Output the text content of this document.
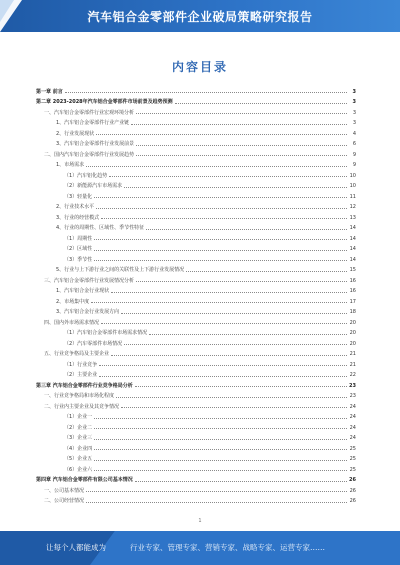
汽车铝合金零部件企业破局策略研究报告
内容目录
第一章 前言	3
第二章 2023-2028年汽车铝合金零部件市场前景及趋势预测	3
一、汽车铝合金零部件行业宏观环境分析	3
1、汽车铝合金零部件行业产业链	3
2、行业发展现状	4
3、汽车铝合金零部件行业发展前景	6
二、国内汽车铝合金零部件行业发展趋势	9
1、市场需求	9
（1）汽车铝化趋势	10
（2）新能源汽车市场需求	10
（3）轻量化	11
2、行业技术水平	12
3、行业的经营模式	13
4、行业的周期性、区域性、季节性特征	14
（1）周期性	14
（2）区域性	14
（3）季节性	14
5、行业与上下游行业之间的关联性及上下游行业发展情况	15
三、汽车铝合金零部件行业发展情况分析	16
1、汽车铝合金行业现状	16
2、市场集中度	17
3、汽车铝合金行业发展方向	18
四、国内外市场需求情况	20
（1）汽车铝合金零部件市场需求情况	20
（2）汽车零部件市场情况	20
五、行业竞争格局及主要企业	21
（1）行业竞争	21
（2）主要企业	22
第三章 汽车铝合金零部件行业竞争格局分析	23
一、行业竞争格局和市场化程度	23
二、行业内主要企业及其竞争情况	24
（1）企业一	24
（2）企业二	24
（3）企业三	24
（4）企业四	25
（5）企业五	25
（6）企业六	25
第四章 汽车铝合金零部件有限公司基本情况	26
一、公司基本情况	26
二、公司经营情况	26
1
让每个人都能成为	行业专家、管理专家、营销专家、战略专家、运营专家……
